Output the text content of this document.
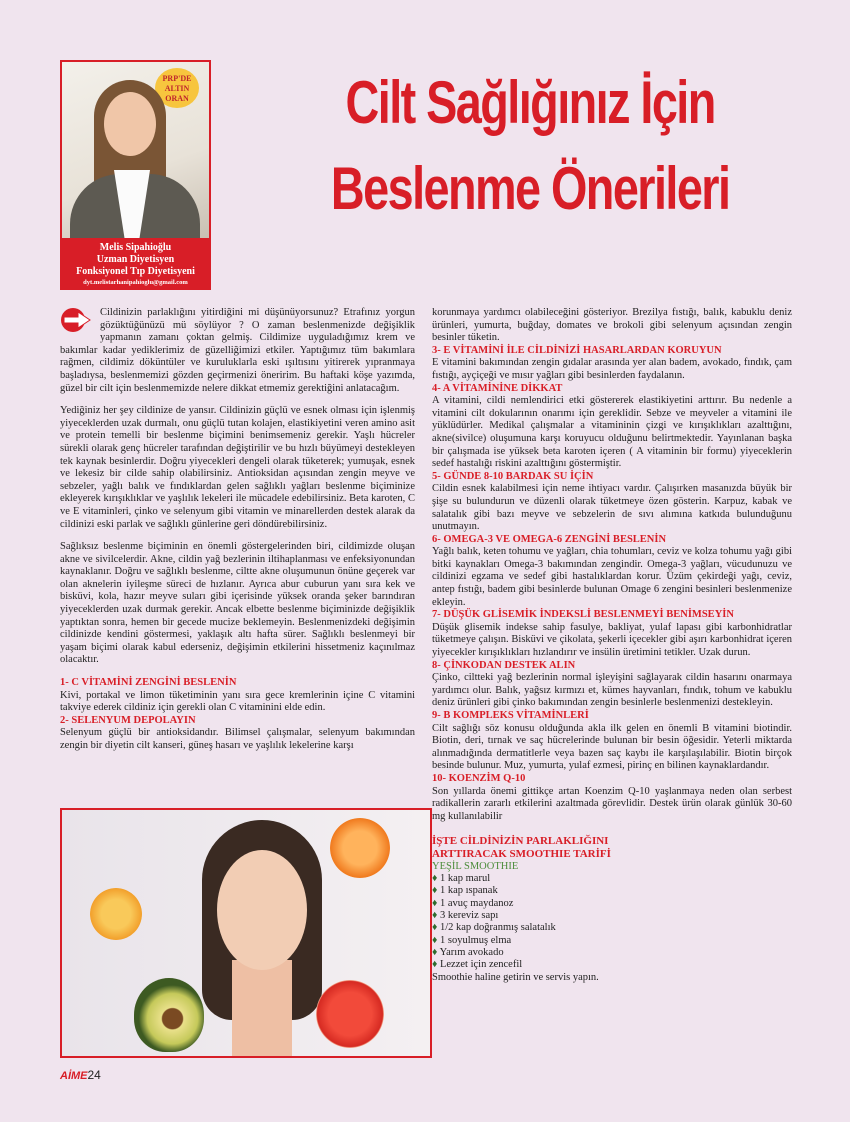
PRP'DE ALTIN ORAN
Melis Sipahioğlu
Uzman Diyetisyen
Fonksiyonel Tıp Diyetisyeni
dyt.melistarhanipahioglu@gmail.com
Cilt Sağlığınız İçin
Beslenme Önerileri

Cildinizin parlaklığını yitirdiğini mi düşünüyorsunuz? Etrafınız yorgun gözüktüğünüzü mü söylüyor ? O zaman beslenmenizde değişiklik yapmanın zamanı çoktan gelmiş. Cildimize uyguladığımız krem ve bakımlar kadar yediklerimiz de güzelliğimizi etkiler. Yaptığımız tüm bakımlara rağmen, cildimiz döküntüler ve kuruluklarla eski ışıltısını yitirerek yıpranmaya başladıysa, beslenmemizi gözden geçirmenizi öneririm. Bu haftaki köşe yazımda, güzel bir cilt için beslenmemizde nelere dikkat etmemiz gerektiğini anlatacağım.

Yediğiniz her şey cildinize de yansır. Cildinizin güçlü ve esnek olması için işlenmiş yiyeceklerden uzak durmalı, onu güçlü tutan kolajen, elastikiyetini veren amino asit ve protein temelli bir beslenme biçimini benimsemeniz gerekir. Yaşlı hücreler sürekli olarak genç hücreler tarafından değiştirilir ve bu hızlı büyümeyi destekleyen tek kaynak besinlerdir. Doğru yiyecekleri dengeli olarak tüketerek; yumuşak, esnek ve lekesiz bir cilde sahip olabilirsiniz. Antioksidan açısından zengin meyve ve sebzeler, yağlı balık ve fındıklardan gelen sağlıklı yağları beslenme biçiminize ekleyerek kırışıklıklar ve yaşlılık lekeleri ile mücadele edebilirsiniz. Beta karoten, C ve E vitaminleri, çinko ve selenyum gibi vitamin ve minarellerden destek alarak da cildinizi eski parlak ve sağlıklı günlerine geri döndürebilirsiniz.

Sağlıksız beslenme biçiminin en önemli göstergelerinden biri, cildimizde oluşan akne ve sivilcelerdir. Akne, cildin yağ bezlerinin iltihaplanması ve enfeksiyonundan kaynaklanır. Doğru ve sağlıklı beslenme, ciltte akne oluşumunun önüne geçerek var olan aknelerin iyileşme süreci de hızlanır. Ayrıca abur cuburun yanı sıra kek ve bisküvi, kola, hazır meyve suları gibi içerisinde yüksek oranda şeker barındıran yiyeceklerden uzak durmak gerekir. Ancak elbette beslenme biçiminizde değişiklik yaptıktan sonra, hemen bir gecede mucize beklemeyin. Beslenmenizdeki değişimin cildinizde kendini göstermesi, yaklaşık altı hafta sürer. Sağlıklı beslenmeyi bir yaşam biçimi olarak kabul ederseniz, değişimin etkilerini hissetmeniz kaçınılmaz olacaktır.

1- C VİTAMİNİ ZENGİNİ BESLENİN
Kivi, portakal ve limon tüketiminin yanı sıra gece kremlerinin içine C vitamini takviye ederek cildiniz için gerekli olan C vitaminini elde edin.
2- SELENYUM DEPOLAYIN
Selenyum güçlü bir antioksidandır. Bilimsel çalışmalar, selenyum bakımından zengin bir diyetin cilt kanseri, güneş hasarı ve yaşlılık lekelerine karşı
korunmaya yardımcı olabileceğini gösteriyor. Brezilya fıstığı, balık, kabuklu deniz ürünleri, yumurta, buğday, domates ve brokoli gibi selenyum açısından zengin besinler tüketin.
3- E VİTAMİNİ İLE CİLDİNİZİ HASARLARDAN KORUYUN
E vitamini bakımından zengin gıdalar arasında yer alan badem, avokado, fındık, çam fıstığı, ayçiçeği ve mısır yağları gibi besinlerden faydalanın.
4- A VİTAMİNİNE DİKKAT
A vitamini, cildi nemlendirici etki göstererek elastikiyetini arttırır. Bu nedenle a vitamini cilt dokularının onarımı için gereklidir. Sebze ve meyveler a vitamini ile yüklüdürler. Medikal çalışmalar a vitamininin çizgi ve kırışıklıkları azalttığını, akne(sivilce) oluşumuna karşı koruyucu olduğunu belirtmektedir. Yayınlanan başka bir çalışmada ise yüksek beta karoten içeren ( A vitaminin bir formu) yiyeceklerin sedef hastalığı riskini azalttığını göstermiştir.
5- GÜNDE 8-10 BARDAK SU İÇİN
Cildin esnek kalabilmesi için neme ihtiyacı vardır. Çalışırken masanızda büyük bir şişe su bulundurun ve düzenli olarak tüketmeye özen gösterin. Karpuz, kabak ve salatalık gibi bazı meyve ve sebzelerin de sıvı alımına katkıda bulunduğunu unutmayın.
6- OMEGA-3 VE OMEGA-6 ZENGİNİ BESLENİN
Yağlı balık, keten tohumu ve yağları, chia tohumları, ceviz ve kolza tohumu yağı gibi bitki kaynakları Omega-3 bakımından zengindir. Omega-3 yağları, vücudunuzu ve cildinizi egzama ve sedef gibi hastalıklardan korur. Üzüm çekirdeği yağı, ceviz, antep fıstığı, badem gibi besinlerde bulunan Omage 6 zengini besinleri beslenmenize ekleyin.
7- DÜŞÜK GLİSEMİK İNDEKSLİ BESLENMEYİ BENİMSEYİN
Düşük glisemik indekse sahip fasulye, bakliyat, yulaf lapası gibi karbonhidratlar tüketmeye çalışın. Bisküvi ve çikolata, şekerli içecekler gibi aşırı karbonhidrat içeren yiyecekler kırışıklıkları hızlandırır ve insülin üretimini tetikler. Uzak durun.
8- ÇİNKODAN DESTEK ALIN
Çinko, ciltteki yağ bezlerinin normal işleyişini sağlayarak cildin hasarını onarmaya yardımcı olur. Balık, yağsız kırmızı et, kümes hayvanları, fındık, tohum ve kabuklu deniz ürünleri gibi çinko bakımından zengin besinlerle beslenmenizi destekleyin.
9- B KOMPLEKS VİTAMİNLERİ
Cilt sağlığı söz konusu olduğunda akla ilk gelen en önemli B vitamini biotindir. Biotin, deri, tırnak ve saç hücrelerinde bulunan bir besin öğesidir. Yeterli miktarda alınmadığında dermatitlerle veya bazen saç kaybı ile karşılaşılabilir. Biotin birçok besinde bulunur. Muz, yumurta, yulaf ezmesi, pirinç en bilinen kaynaklardandır.
10- KOENZİM Q-10
Son yıllarda önemi gittikçe artan Koenzim Q-10 yaşlanmaya neden olan serbest radikallerin zararlı etkilerini azaltmada görevlidir. Destek ürün olarak günlük 30-60 mg kullanılabilir
İŞTE CİLDİNİZİN PARLAKLIĞINI
ARTTIRACAK SMOOTHIE TARİFİ
YEŞİL SMOOTHIE
♦ 1 kap marul
♦ 1 kap ıspanak
♦ 1 avuç maydanoz
♦ 3 kereviz sapı
♦ 1/2 kap doğranmış salatalık
♦ 1 soyulmuş elma
♦ Yarım avokado
♦ Lezzet için zencefil
Smoothie haline getirin ve servis yapın.
AİME24
